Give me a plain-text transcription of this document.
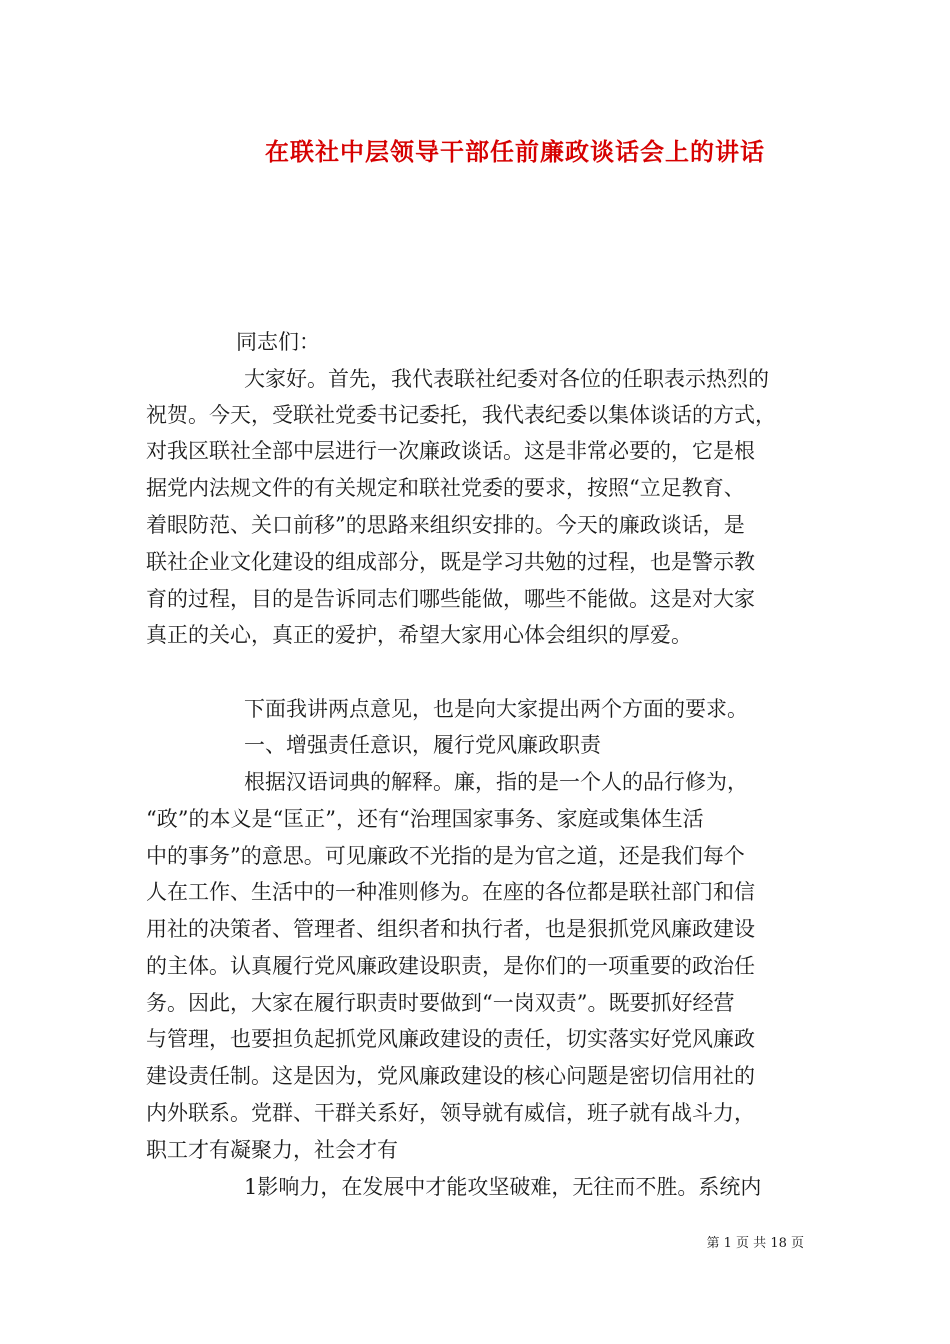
在联社中层领导干部任前廉政谈话会上的讲话
同志们：
大家好。首先，我代表联社纪委对各位的任职表示热烈的
祝贺。今天，受联社党委书记委托，我代表纪委以集体谈话的方式，
对我区联社全部中层进行一次廉政谈话。这是非常必要的，它是根
据党内法规文件的有关规定和联社党委的要求，按照“立足教育、
着眼防范、关口前移”的思路来组织安排的。今天的廉政谈话，是
联社企业文化建设的组成部分，既是学习共勉的过程，也是警示教
育的过程，目的是告诉同志们哪些能做，哪些不能做。这是对大家
真正的关心，真正的爱护，希望大家用心体会组织的厚爱。
下面我讲两点意见，也是向大家提出两个方面的要求。
一、增强责任意识，履行党风廉政职责
根据汉语词典的解释。廉，指的是一个人的品行修为，
“政”的本义是“匡正”，还有“治理国家事务、家庭或集体生活
中的事务”的意思。可见廉政不光指的是为官之道，还是我们每个
人在工作、生活中的一种准则修为。在座的各位都是联社部门和信
用社的决策者、管理者、组织者和执行者，也是狠抓党风廉政建设
的主体。认真履行党风廉政建设职责，是你们的一项重要的政治任
务。因此，大家在履行职责时要做到“一岗双责”。既要抓好经营
与管理，也要担负起抓党风廉政建设的责任，切实落实好党风廉政
建设责任制。这是因为，党风廉政建设的核心问题是密切信用社的
内外联系。党群、干群关系好，领导就有威信，班子就有战斗力，
职工才有凝聚力，社会才有
1影响力，在发展中才能攻坚破难，无往而不胜。系统内
第 1 页 共 18 页
